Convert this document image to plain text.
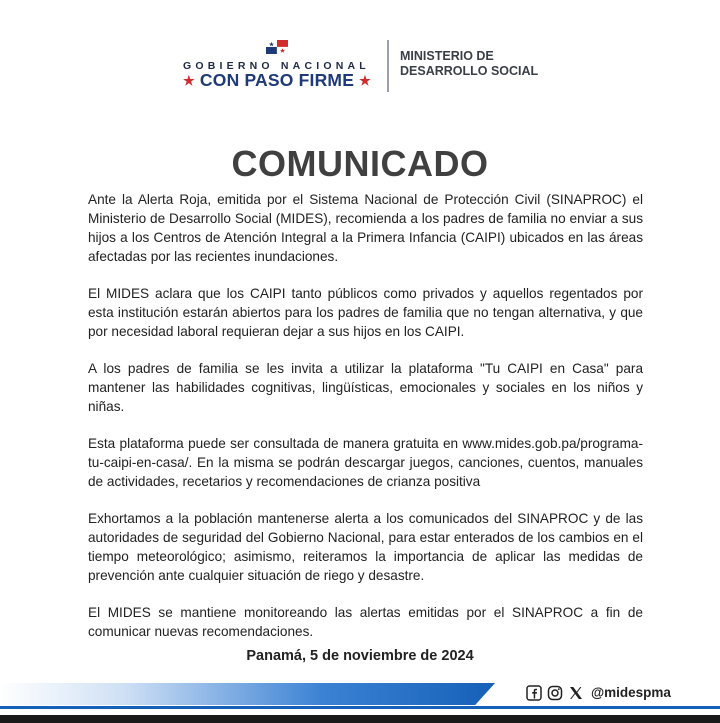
GOBIERNO NACIONAL
★ CON PASO FIRME ★
MINISTERIO DE
DESARROLLO SOCIAL
COMUNICADO

Ante la Alerta Roja, emitida por el Sistema Nacional de Protección Civil (SINAPROC) el Ministerio de Desarrollo Social (MIDES), recomienda a los padres de familia no enviar a sus hijos a los Centros de Atención Integral a la Primera Infancia (CAIPI) ubicados en las áreas afectadas por las recientes inundaciones.

El MIDES aclara que los CAIPI tanto públicos como privados y aquellos regentados por esta institución estarán abiertos para los padres de familia que no tengan alternativa, y que por necesidad laboral requieran dejar a sus hijos en los CAIPI.

A los padres de familia se les invita a utilizar la plataforma "Tu CAIPI en Casa" para mantener las habilidades cognitivas, lingüísticas, emocionales y sociales en los niños y niñas.

Esta plataforma puede ser consultada de manera gratuita en www.mides.gob.pa/programa-tu-caipi-en-casa/. En la misma se podrán descargar juegos, canciones, cuentos, manuales de actividades, recetarios y recomendaciones de crianza positiva

Exhortamos a la población mantenerse alerta a los comunicados del SINAPROC y de las autoridades de seguridad del Gobierno Nacional, para estar enterados de los cambios en el tiempo meteorológico; asimismo, reiteramos la importancia de aplicar las medidas de prevención ante cualquier situación de riego y desastre.

El MIDES se mantiene monitoreando las alertas emitidas por el SINAPROC a fin de comunicar nuevas recomendaciones.

Panamá, 5 de noviembre de 2024
@midespma
